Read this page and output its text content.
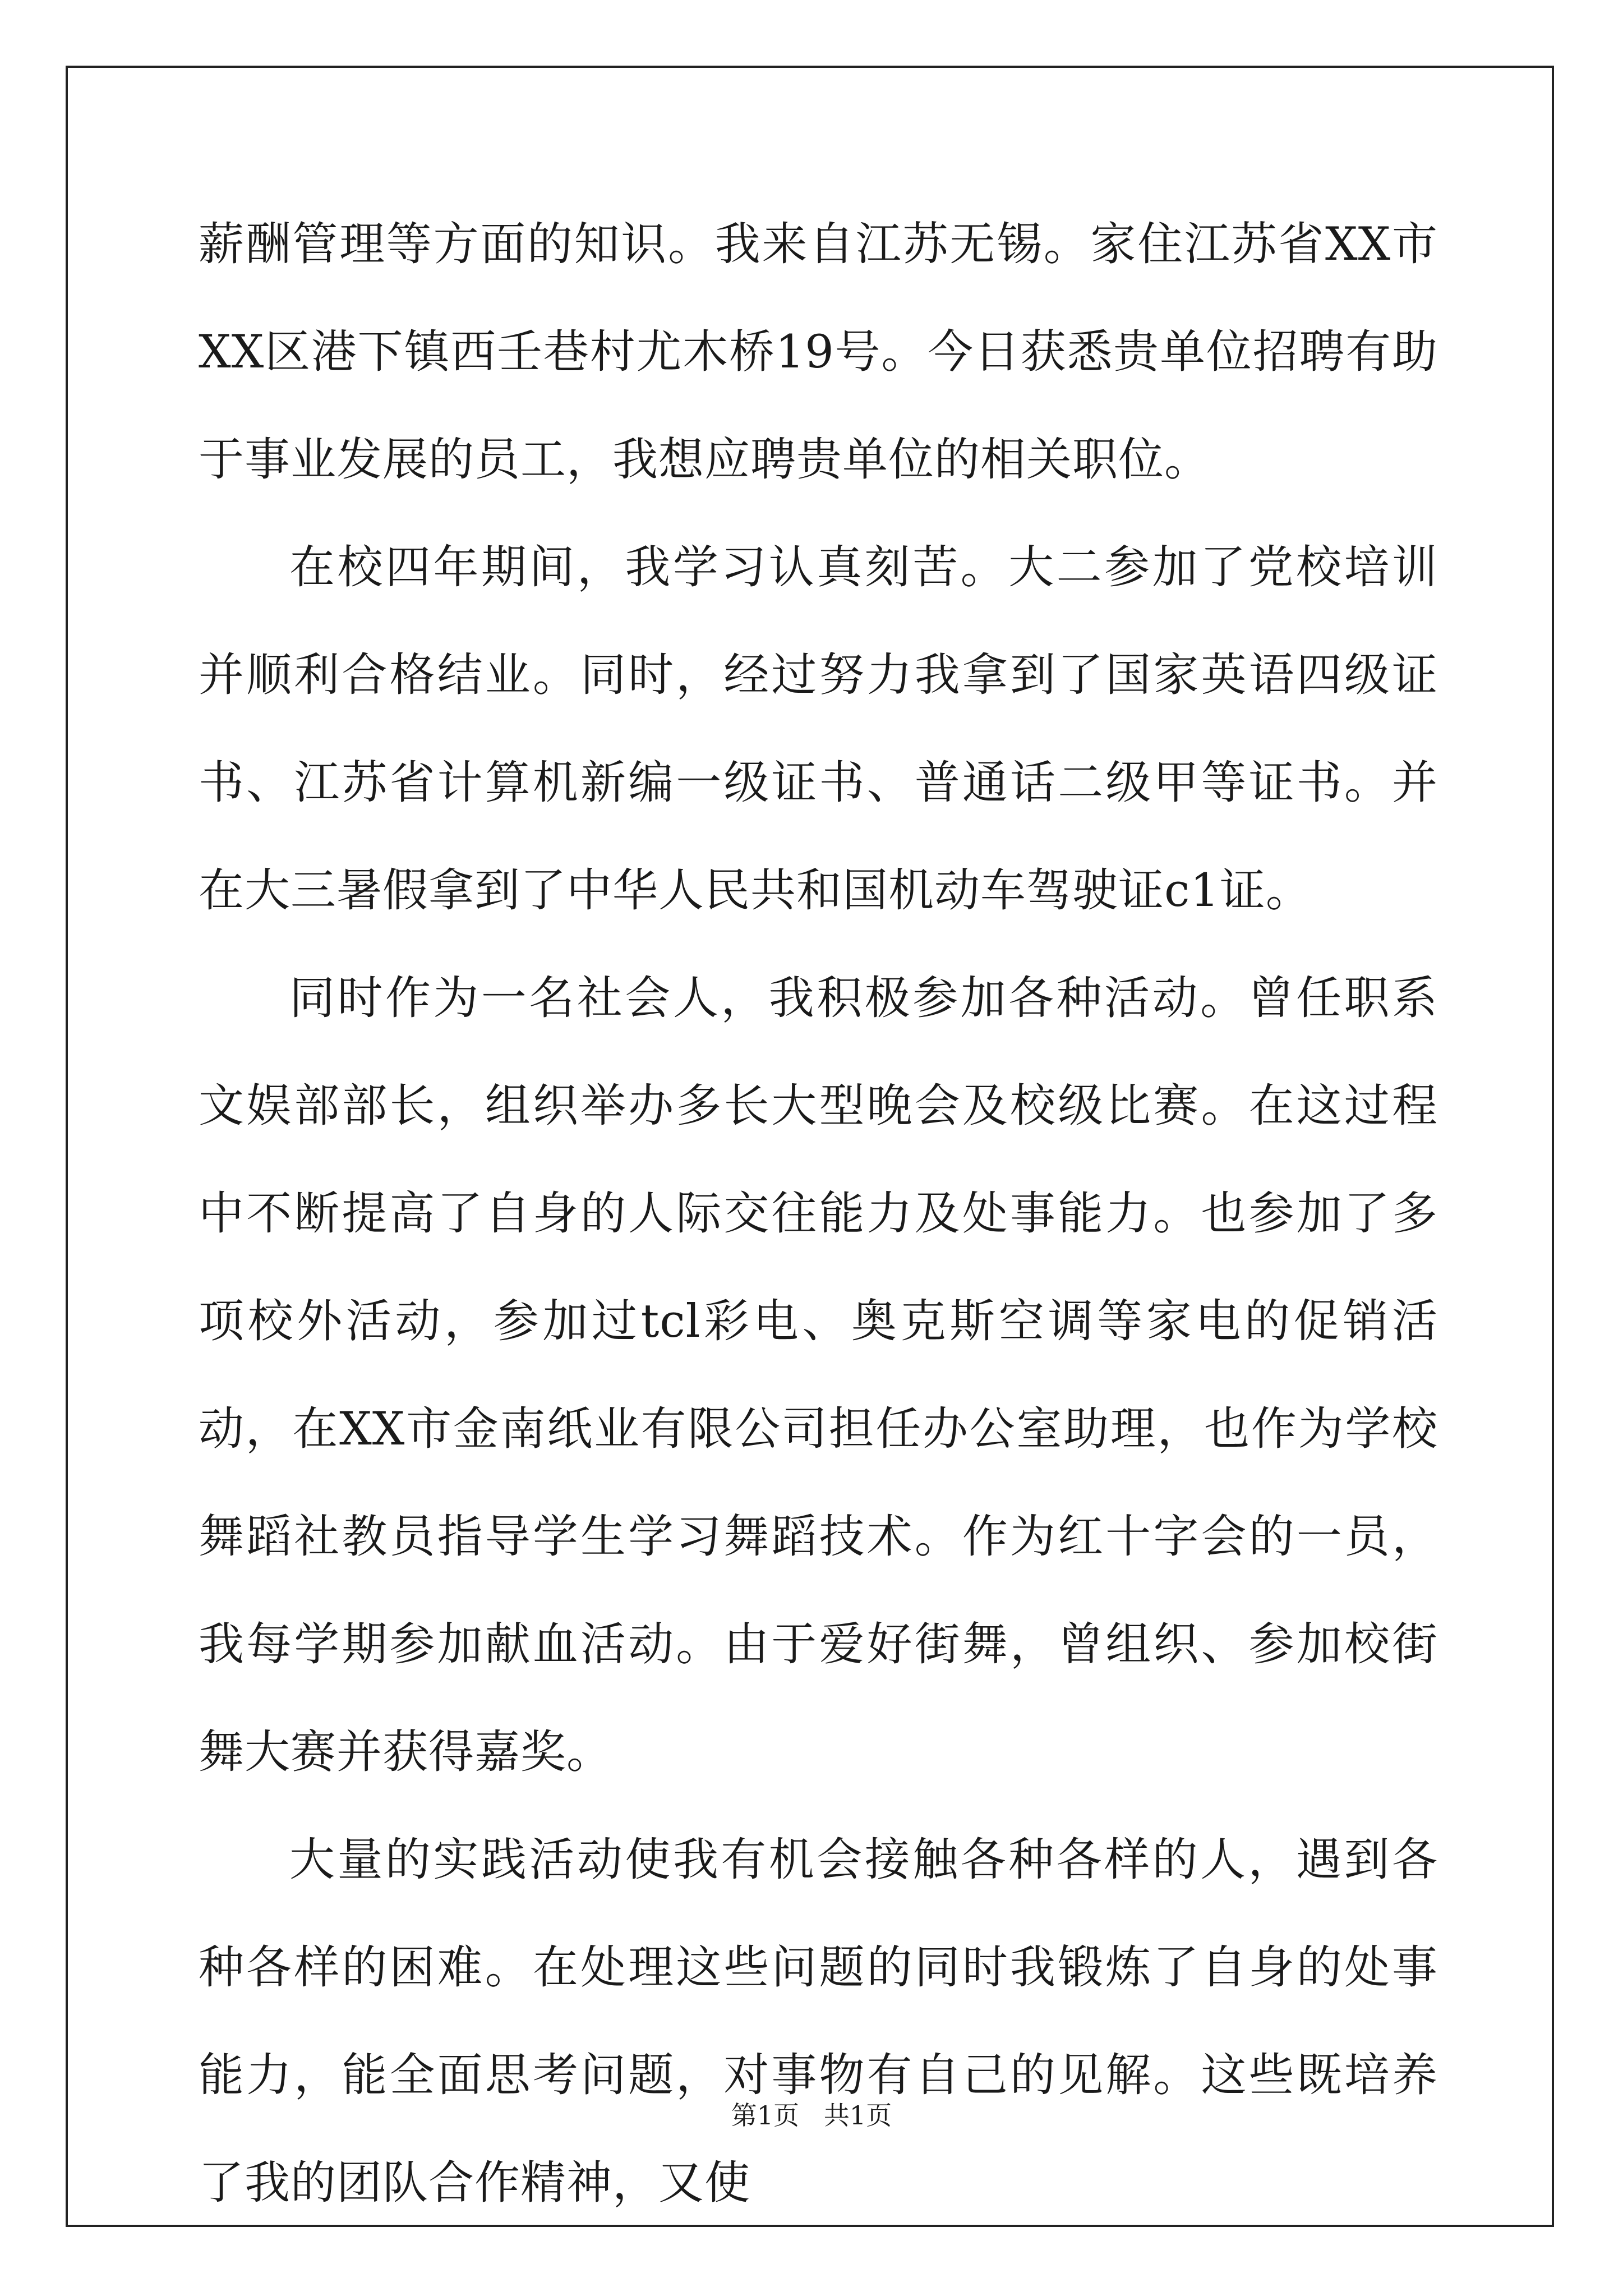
薪酬管理等方面的知识。我来自江苏无锡。家住江苏省XX市XX区港下镇西壬巷村尤木桥19号。今日获悉贵单位招聘有助于事业发展的员工，我想应聘贵单位的相关职位。

在校四年期间，我学习认真刻苦。大二参加了党校培训并顺利合格结业。同时，经过努力我拿到了国家英语四级证书、江苏省计算机新编一级证书、普通话二级甲等证书。并在大三暑假拿到了中华人民共和国机动车驾驶证c1证。

同时作为一名社会人，我积极参加各种活动。曾任职系文娱部部长，组织举办多长大型晚会及校级比赛。在这过程中不断提高了自身的人际交往能力及处事能力。也参加了多项校外活动，参加过tcl彩电、奥克斯空调等家电的促销活动，在XX市金南纸业有限公司担任办公室助理，也作为学校舞蹈社教员指导学生学习舞蹈技术。作为红十字会的一员，我每学期参加献血活动。由于爱好街舞，曾组织、参加校街舞大赛并获得嘉奖。

大量的实践活动使我有机会接触各种各样的人，遇到各种各样的困难。在处理这些问题的同时我锻炼了自身的处事能力，能全面思考问题，对事物有自己的见解。这些既培养了我的团队合作精神，又使

第1页   共1页
